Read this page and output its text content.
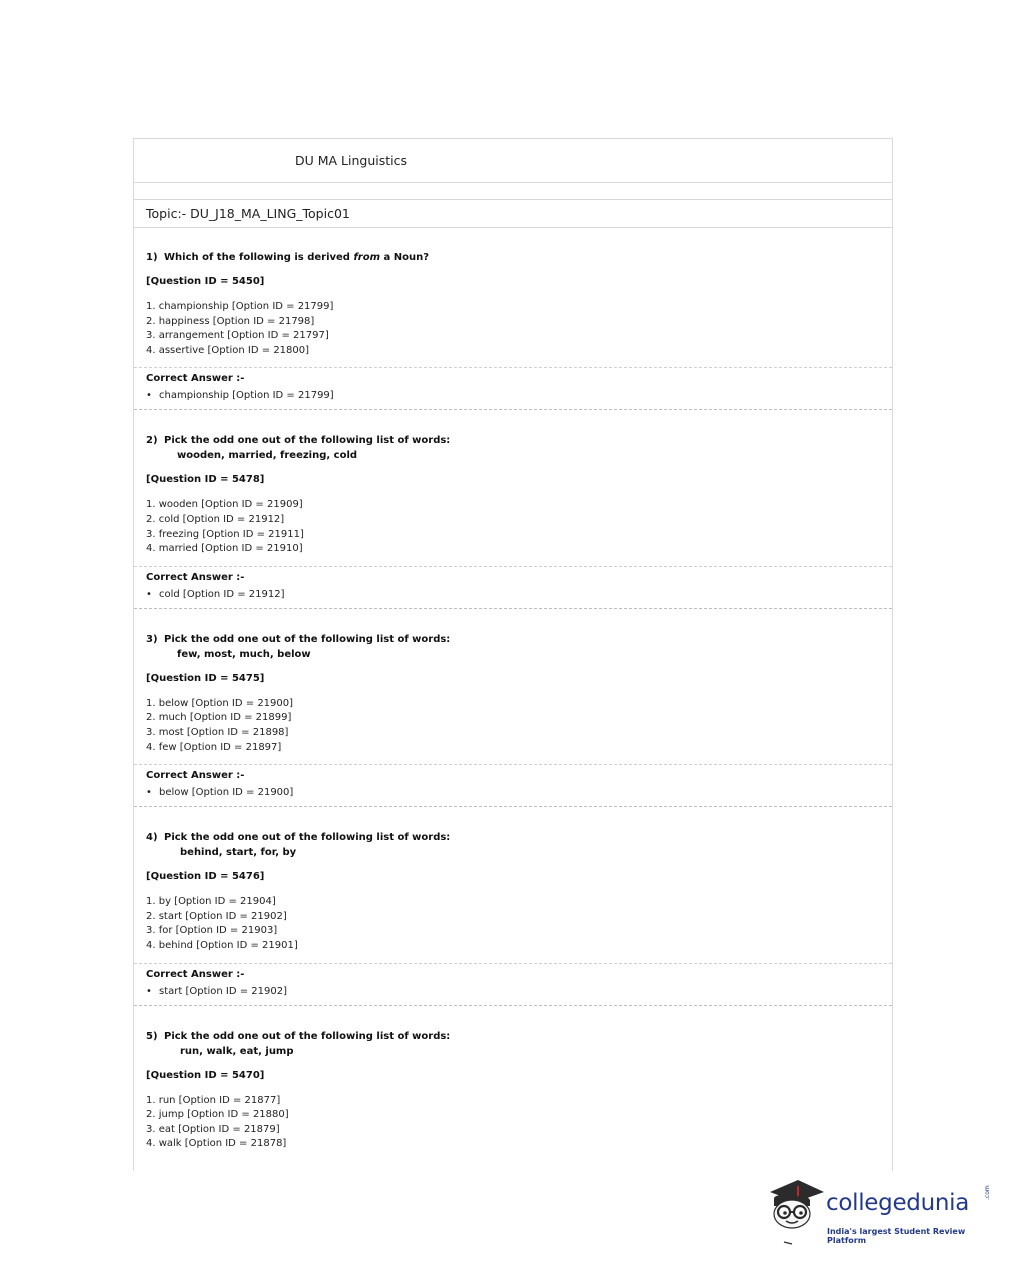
DU MA Linguistics
Topic:- DU_J18_MA_LING_Topic01
1) Which of the following is derived from a Noun?
[Question ID = 5450]
1. championship [Option ID = 21799]
2. happiness [Option ID = 21798]
3. arrangement [Option ID = 21797]
4. assertive [Option ID = 21800]
Correct Answer :-
• championship [Option ID = 21799]
2) Pick the odd one out of the following list of words:
wooden, married, freezing, cold
[Question ID = 5478]
1. wooden [Option ID = 21909]
2. cold [Option ID = 21912]
3. freezing [Option ID = 21911]
4. married [Option ID = 21910]
Correct Answer :-
• cold [Option ID = 21912]
3) Pick the odd one out of the following list of words:
few, most, much, below
[Question ID = 5475]
1. below [Option ID = 21900]
2. much [Option ID = 21899]
3. most [Option ID = 21898]
4. few [Option ID = 21897]
Correct Answer :-
• below [Option ID = 21900]
4) Pick the odd one out of the following list of words:
behind, start, for, by
[Question ID = 5476]
1. by [Option ID = 21904]
2. start [Option ID = 21902]
3. for [Option ID = 21903]
4. behind [Option ID = 21901]
Correct Answer :-
• start [Option ID = 21902]
5) Pick the odd one out of the following list of words:
run, walk, eat, jump
[Question ID = 5470]
1. run [Option ID = 21877]
2. jump [Option ID = 21880]
3. eat [Option ID = 21879]
4. walk [Option ID = 21878]
collegedunia .com
India's largest Student Review Platform
